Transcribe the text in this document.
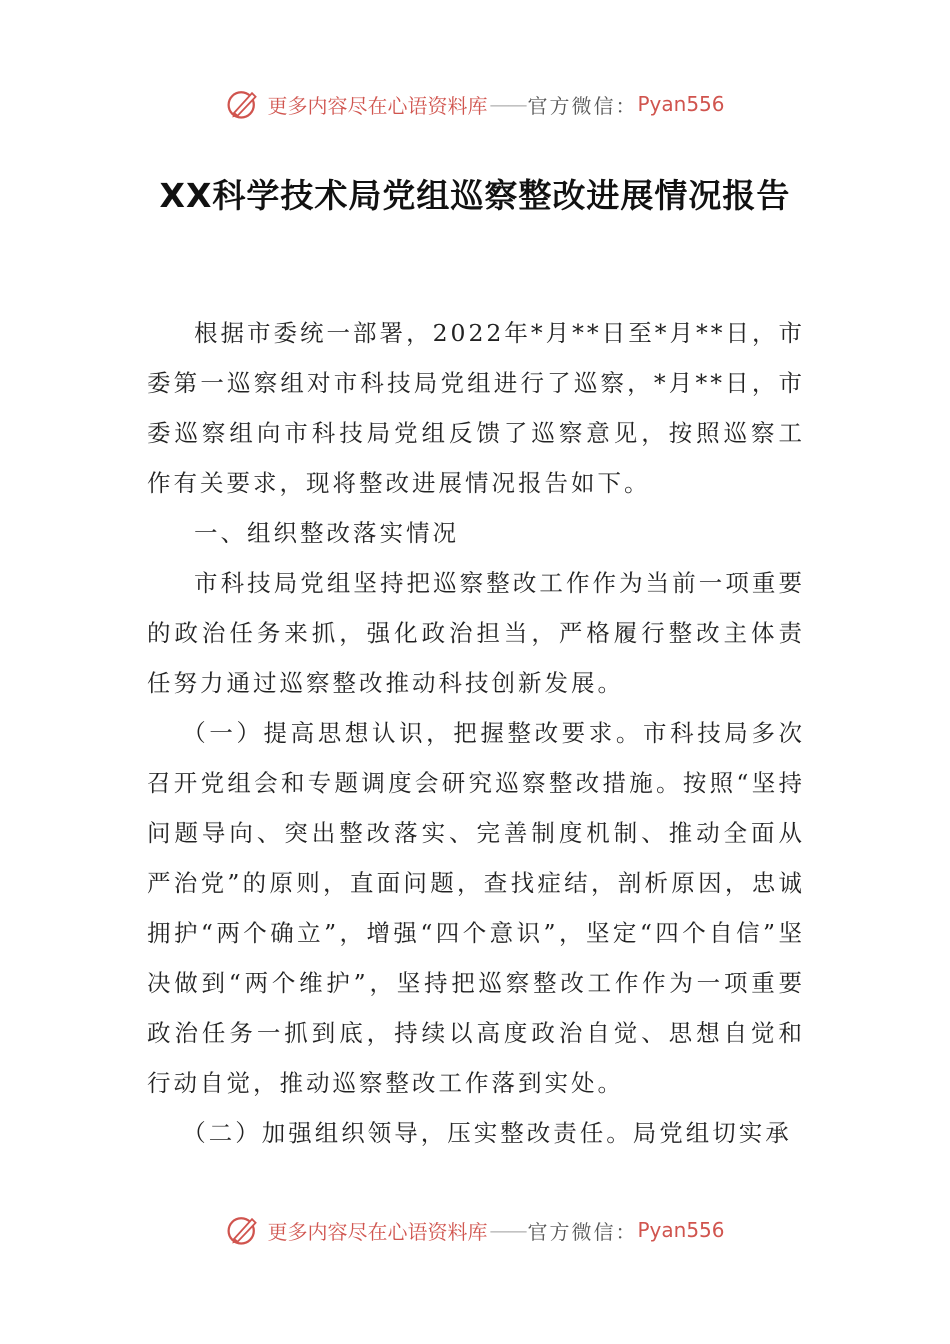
更多内容尽在心语资料库 —— 官方微信： Pyan556
XX科学技术局党组巡察整改进展情况报告

根据市委统一部署，2022年*月**日至*月**日，市委第一巡察组对市科技局党组进行了巡察，*月**日，市委巡察组向市科技局党组反馈了巡察意见，按照巡察工作有关要求，现将整改进展情况报告如下。

一、组织整改落实情况

市科技局党组坚持把巡察整改工作作为当前一项重要的政治任务来抓，强化政治担当，严格履行整改主体责任努力通过巡察整改推动科技创新发展。

（一）提高思想认识，把握整改要求。市科技局多次召开党组会和专题调度会研究巡察整改措施。按照“坚持问题导向、突出整改落实、完善制度机制、推动全面从严治党”的原则，直面问题，查找症结，剖析原因，忠诚拥护“两个确立”，增强“四个意识”，坚定“四个自信”坚决做到“两个维护”，坚持把巡察整改工作作为一项重要政治任务一抓到底，持续以高度政治自觉、思想自觉和行动自觉，推动巡察整改工作落到实处。

（二）加强组织领导，压实整改责任。局党组切实承

更多内容尽在心语资料库 —— 官方微信： Pyan556
